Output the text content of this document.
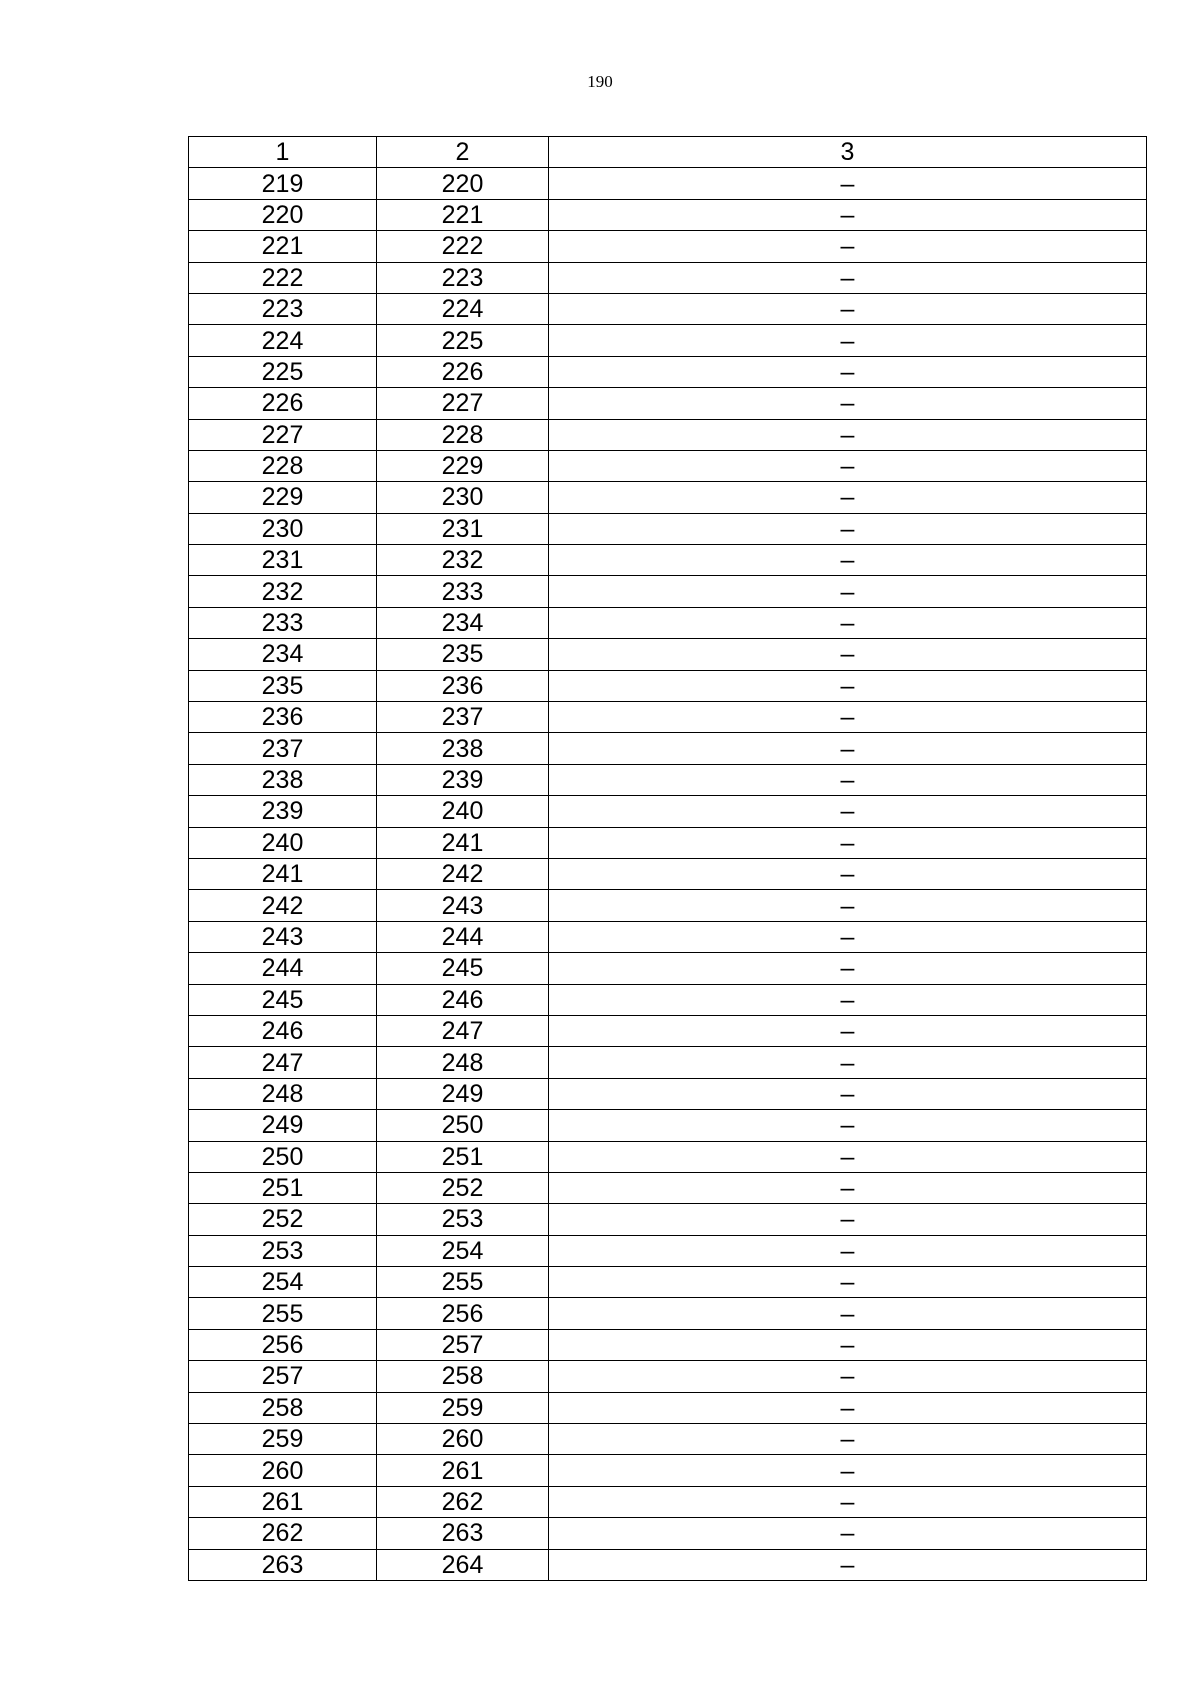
190
1	2	3
219	220	–
220	221	–
221	222	–
222	223	–
223	224	–
224	225	–
225	226	–
226	227	–
227	228	–
228	229	–
229	230	–
230	231	–
231	232	–
232	233	–
233	234	–
234	235	–
235	236	–
236	237	–
237	238	–
238	239	–
239	240	–
240	241	–
241	242	–
242	243	–
243	244	–
244	245	–
245	246	–
246	247	–
247	248	–
248	249	–
249	250	–
250	251	–
251	252	–
252	253	–
253	254	–
254	255	–
255	256	–
256	257	–
257	258	–
258	259	–
259	260	–
260	261	–
261	262	–
262	263	–
263	264	–
